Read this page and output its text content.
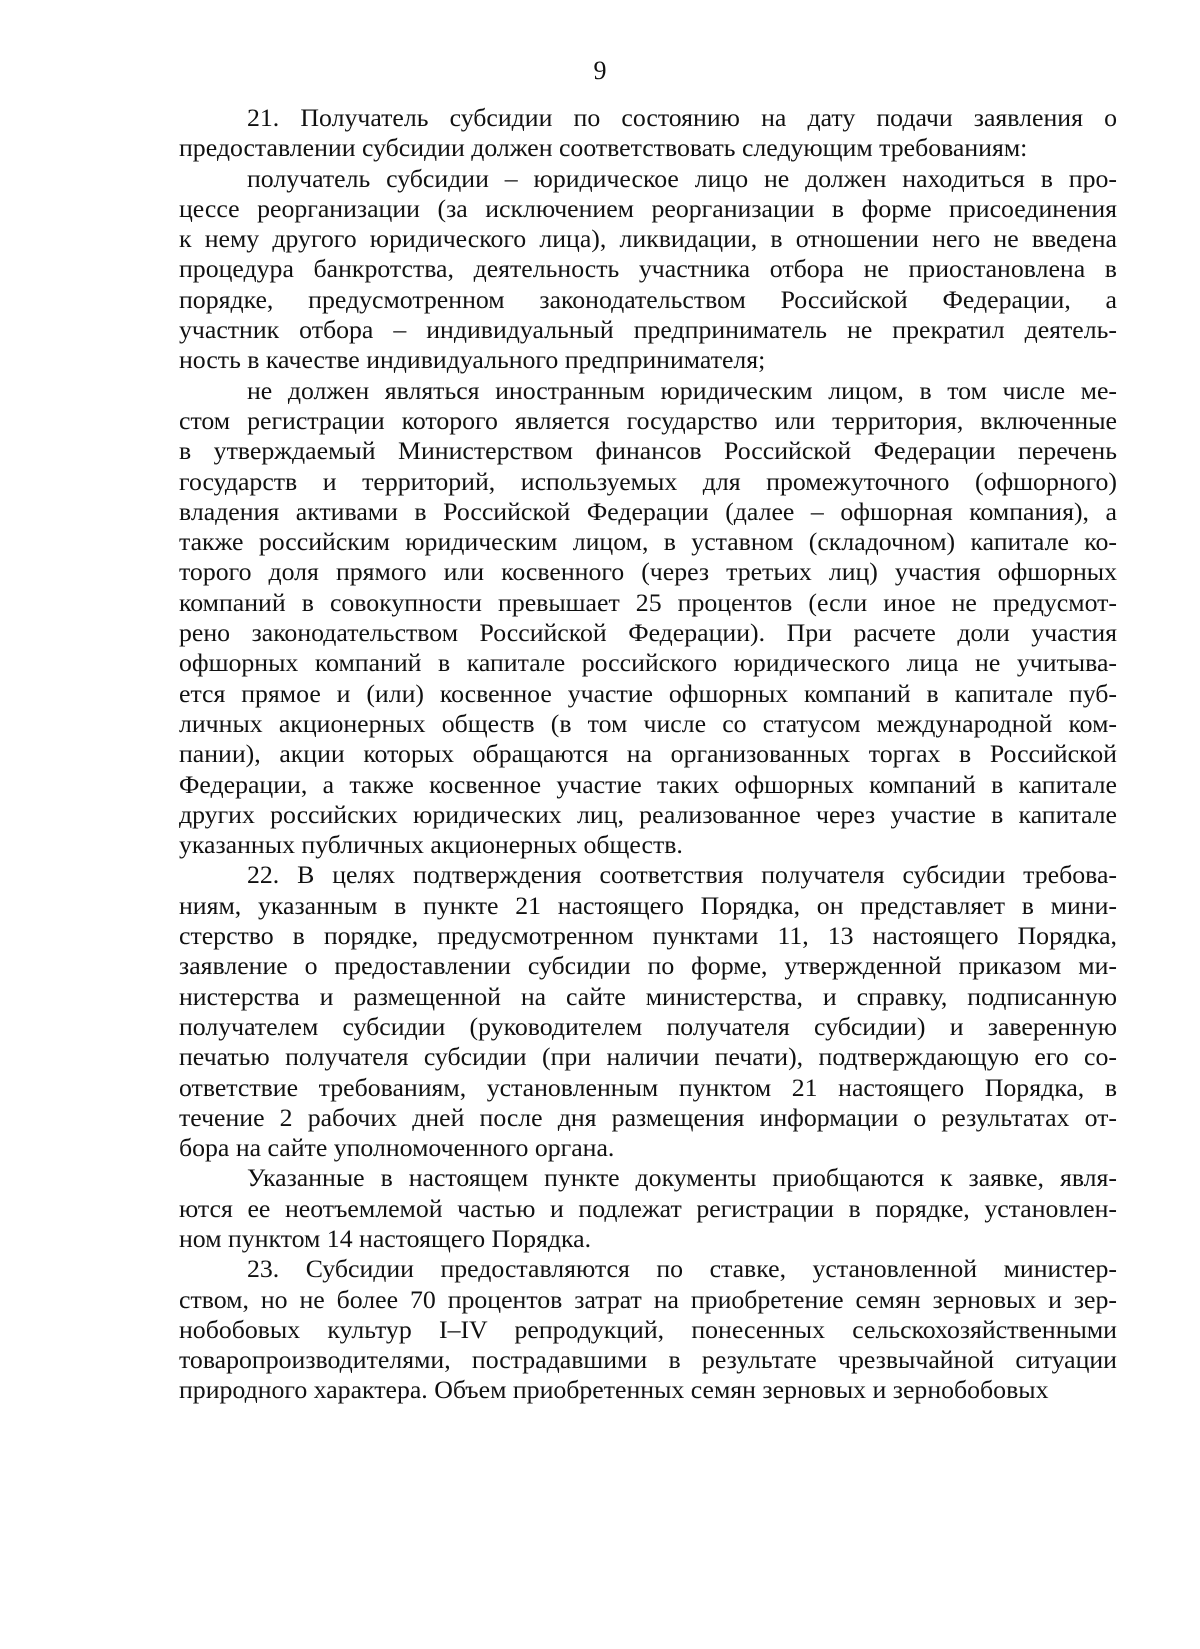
9
21. Получатель субсидии по состоянию на дату подачи заявления о
предоставлении субсидии должен соответствовать следующим требованиям:
получатель субсидии – юридическое лицо не должен находиться в про-
цессе реорганизации (за исключением реорганизации в форме присоединения
к нему другого юридического лица), ликвидации, в отношении него не введена
процедура банкротства, деятельность участника отбора не приостановлена в
порядке, предусмотренном законодательством Российской Федерации, а
участник отбора – индивидуальный предприниматель не прекратил деятель-
ность в качестве индивидуального предпринимателя;
не должен являться иностранным юридическим лицом, в том числе ме-
стом регистрации которого является государство или территория, включенные
в утверждаемый Министерством финансов Российской Федерации перечень
государств и территорий, используемых для промежуточного (офшорного)
владения активами в Российской Федерации (далее – офшорная компания), а
также российским юридическим лицом, в уставном (складочном) капитале ко-
торого доля прямого или косвенного (через третьих лиц) участия офшорных
компаний в совокупности превышает 25 процентов (если иное не предусмот-
рено законодательством Российской Федерации). При расчете доли участия
офшорных компаний в капитале российского юридического лица не учитыва-
ется прямое и (или) косвенное участие офшорных компаний в капитале пуб-
личных акционерных обществ (в том числе со статусом международной ком-
пании), акции которых обращаются на организованных торгах в Российской
Федерации, а также косвенное участие таких офшорных компаний в капитале
других российских юридических лиц, реализованное через участие в капитале
указанных публичных акционерных обществ.
22. В целях подтверждения соответствия получателя субсидии требова-
ниям, указанным в пункте 21 настоящего Порядка, он представляет в мини-
стерство в порядке, предусмотренном пунктами 11, 13 настоящего Порядка,
заявление о предоставлении субсидии по форме, утвержденной приказом ми-
нистерства и размещенной на сайте министерства, и справку, подписанную
получателем субсидии (руководителем получателя субсидии) и заверенную
печатью получателя субсидии (при наличии печати), подтверждающую его со-
ответствие требованиям, установленным пунктом 21 настоящего Порядка, в
течение 2 рабочих дней после дня размещения информации о результатах от-
бора на сайте уполномоченного органа.
Указанные в настоящем пункте документы приобщаются к заявке, явля-
ются ее неотъемлемой частью и подлежат регистрации в порядке, установлен-
ном пунктом 14 настоящего Порядка.
23. Субсидии предоставляются по ставке, установленной министер-
ством, но не более 70 процентов затрат на приобретение семян зерновых и зер-
нобобовых культур I–IV репродукций, понесенных сельскохозяйственными
товаропроизводителями, пострадавшими в результате чрезвычайной ситуации
природного характера. Объем приобретенных семян зерновых и зернобобовых
